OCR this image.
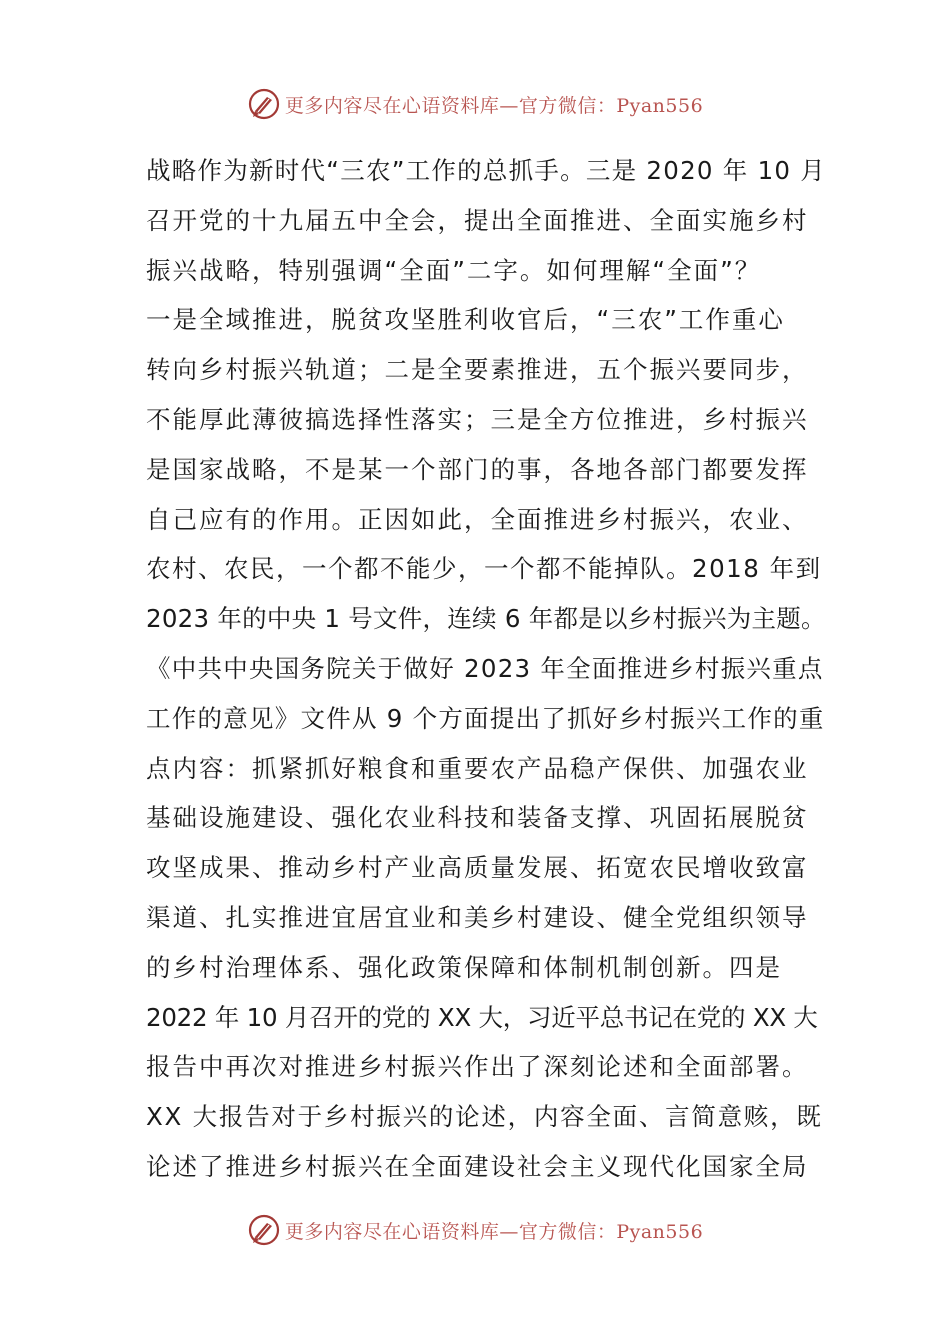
更多内容尽在心语资料库—官方微信：Pyan556
战略作为新时代“三农”工作的总抓手。三是 2020 年 10 月
召开党的十九届五中全会，提出全面推进、全面实施乡村
振兴战略，特别强调“全面”二字。如何理解“全面”？
一是全域推进，脱贫攻坚胜利收官后，“三农”工作重心
转向乡村振兴轨道；二是全要素推进，五个振兴要同步，
不能厚此薄彼搞选择性落实；三是全方位推进，乡村振兴
是国家战略，不是某一个部门的事，各地各部门都要发挥
自己应有的作用。正因如此，全面推进乡村振兴，农业、
农村、农民，一个都不能少，一个都不能掉队。2018 年到
2023 年的中央 1 号文件，连续 6 年都是以乡村振兴为主题。
《中共中央国务院关于做好 2023 年全面推进乡村振兴重点
工作的意见》文件从 9 个方面提出了抓好乡村振兴工作的重
点内容：抓紧抓好粮食和重要农产品稳产保供、加强农业
基础设施建设、强化农业科技和装备支撑、巩固拓展脱贫
攻坚成果、推动乡村产业高质量发展、拓宽农民增收致富
渠道、扎实推进宜居宜业和美乡村建设、健全党组织领导
的乡村治理体系、强化政策保障和体制机制创新。四是
2022 年 10 月召开的党的 XX 大，习近平总书记在党的 XX 大
报告中再次对推进乡村振兴作出了深刻论述和全面部署。
XX 大报告对于乡村振兴的论述，内容全面、言简意赅，既
论述了推进乡村振兴在全面建设社会主义现代化国家全局
更多内容尽在心语资料库—官方微信：Pyan556
